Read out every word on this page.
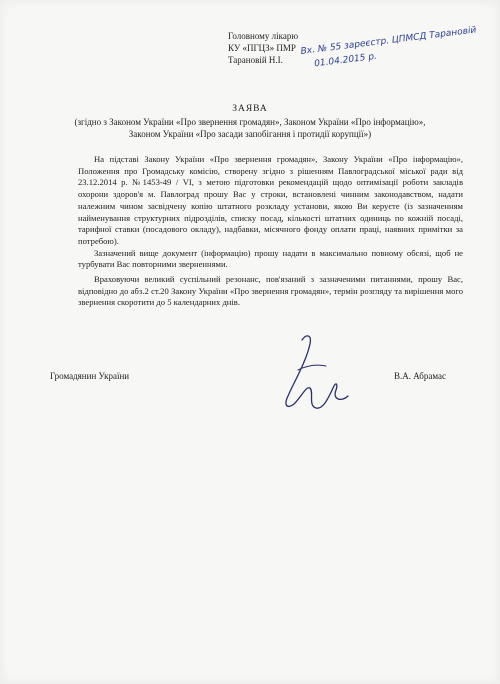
Головному лікарю
КУ «ПГЦЗ» ПМР
Тарановій Н.І.
Вх. № 55 зареєстр. ЦПМСД Тарановій
01.04.2015 р.
ЗАЯВА
(згідно з Законом України «Про звернення громадян», Законом України «Про інформацію», Законом України «Про засади запобігання і протидії корупції»)

На підставі Закону України «Про звернення громадян», Закону України «Про інформацію», Положення про Громадську комісію, створену згідно з рішенням Павлоградської міської ради від 23.12.2014 р. №1453-49 / VI, з метою підготовки рекомендацій щодо оптимізації роботи закладів охорони здоров'я м. Павлоград прошу Вас у строки, встановлені чинним законодавством, надати належним чином засвідчену копію штатного розкладу установи, якою Ви керуєте (із зазначенням найменування структурних підрозділів, списку посад, кількості штатних одиниць по кожній посаді, тарифної ставки (посадового окладу), надбавки, місячного фонду оплати праці, наявних примітки за потребою).

Зазначений вище документ (інформацію) прошу надати в максимально повному обсязі, щоб не турбувати Вас повторними зверненнями.

Враховуючи великий суспільний резонанс, пов'язаний з зазначеними питаннями, прошу Вас, відповідно до абз.2 ст.20 Закону України «Про звернення громадян», термін розгляду та вирішення мого звернення скоротити до 5 календарних днів.

Громадянин України	В.А. Абрамас
